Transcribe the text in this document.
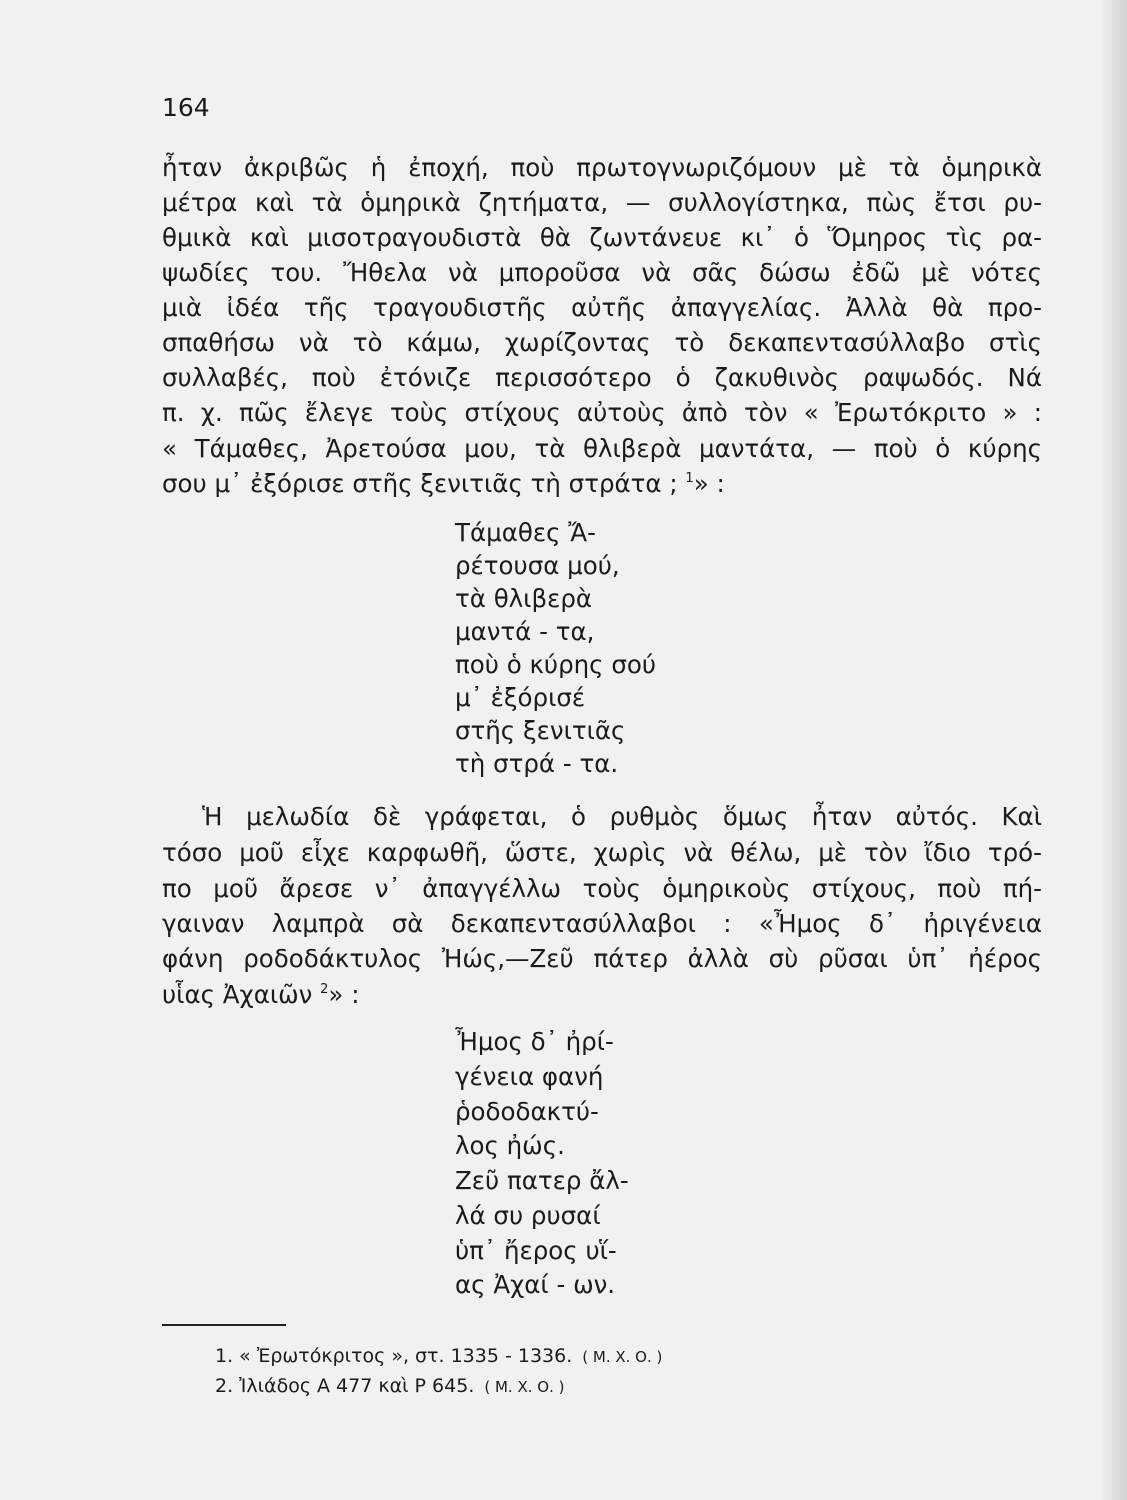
164
ἦταν ἀκριβῶς ἡ ἐποχή, ποὺ πρωτογνωριζόμουν μὲ τὰ ὁμηρικὰ
μέτρα καὶ τὰ ὁμηρικὰ ζητήματα, — συλλογίστηκα, πὼς ἔτσι ρυ-
θμικὰ καὶ μισοτραγουδιστὰ θὰ ζωντάνευε κι᾽ ὁ Ὅμηρος τὶς ρα-
ψωδίες του. Ἤθελα νὰ μποροῦσα νὰ σᾶς δώσω ἐδῶ μὲ νότες
μιὰ ἰδέα τῆς τραγουδιστῆς αὐτῆς ἀπαγγελίας. Ἀλλὰ θὰ προ-
σπαθήσω νὰ τὸ κάμω, χωρίζοντας τὸ δεκαπεντασύλλαβο στὶς
συλλαβές, ποὺ ἐτόνιζε περισσότερο ὁ ζακυθινὸς ραψωδός. Νά
π. χ. πῶς ἔλεγε τοὺς στίχους αὐτοὺς ἀπὸ τὸν « Ἐρωτόκριτο » :
« Τάμαθες, Ἀρετούσα μου, τὰ θλιβερὰ μαντάτα, — ποὺ ὁ κύρης
σου μ᾽ ἐξόρισε στῆς ξενιτιᾶς τὴ στράτα ; $^1$» :
Τάμαθες Ἄ-
ρέτουσα μού,
τὰ θλιβερὰ
μαντά - τα,
ποὺ ὁ κύρης σού
μ᾽ ἐξόρισέ
στῆς ξενιτιᾶς
τὴ στρά - τα.
Ἡ μελωδία δὲ γράφεται, ὁ ρυθμὸς ὅμως ἦταν αὐτός. Καὶ
τόσο μοῦ εἶχε καρφωθῆ, ὥστε, χωρὶς νὰ θέλω, μὲ τὸν ἴδιο τρό-
πο μοῦ ἄρεσε ν᾽ ἀπαγγέλλω τοὺς ὁμηρικοὺς στίχους, ποὺ πή-
γαιναν λαμπρὰ σὰ δεκαπεντασύλλαβοι : «Ἦμος δ᾽ ἠριγένεια
φάνη ροδοδάκτυλος Ἠώς,—Ζεῦ πάτερ ἀλλὰ σὺ ρῦσαι ὑπ᾽ ἠέρος
υἷας Ἀχαιῶν $^2$» :
Ἦμος δ᾽ ἠρί-
γένεια φανή
ῥοδοδακτύ-
λος ἠώς.
Ζεῦ πατερ ἄλ-
λά συ ρυσαί
ὑπ᾽ ἤερος υἵ-
ας Ἀχαί - ων.
1. « Ἐρωτόκριτος », στ. 1335 - 1336. ( Μ. Χ. Ο. )
2. Ἰλιάδος Α 477 καὶ Ρ 645. ( Μ. Χ. Ο. )
